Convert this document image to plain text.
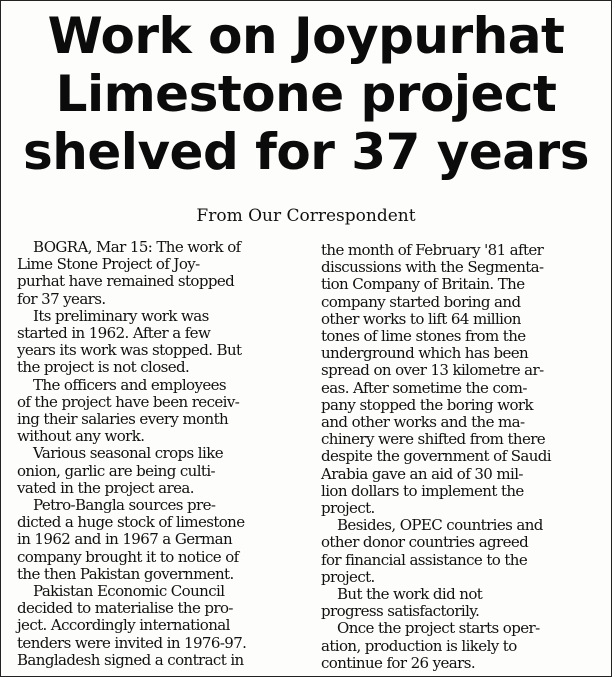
Work on Joypurhat
Limestone project
shelved for 37 years
From Our Correspondent
BOGRA, Mar 15: The work of
Lime Stone Project of Joy-
purhat have remained stopped
for 37 years.
Its preliminary work was
started in 1962. After a few
years its work was stopped. But
the project is not closed.
The officers and employees
of the project have been receiv-
ing their salaries every month
without any work.
Various seasonal crops like
onion, garlic are being culti-
vated in the project area.
Petro-Bangla sources pre-
dicted a huge stock of limestone
in 1962 and in 1967 a German
company brought it to notice of
the then Pakistan government.
Pakistan Economic Council
decided to materialise the pro-
ject. Accordingly international
tenders were invited in 1976-97.
Bangladesh signed a contract in
the month of February '81 after
discussions with the Segmenta-
tion Company of Britain. The
company started boring and
other works to lift 64 million
tones of lime stones from the
underground which has been
spread on over 13 kilometre ar-
eas. After sometime the com-
pany stopped the boring work
and other works and the ma-
chinery were shifted from there
despite the government of Saudi
Arabia gave an aid of 30 mil-
lion dollars to implement the
project.
Besides, OPEC countries and
other donor countries agreed
for financial assistance to the
project.
But the work did not
progress satisfactorily.
Once the project starts oper-
ation, production is likely to
continue for 26 years.
